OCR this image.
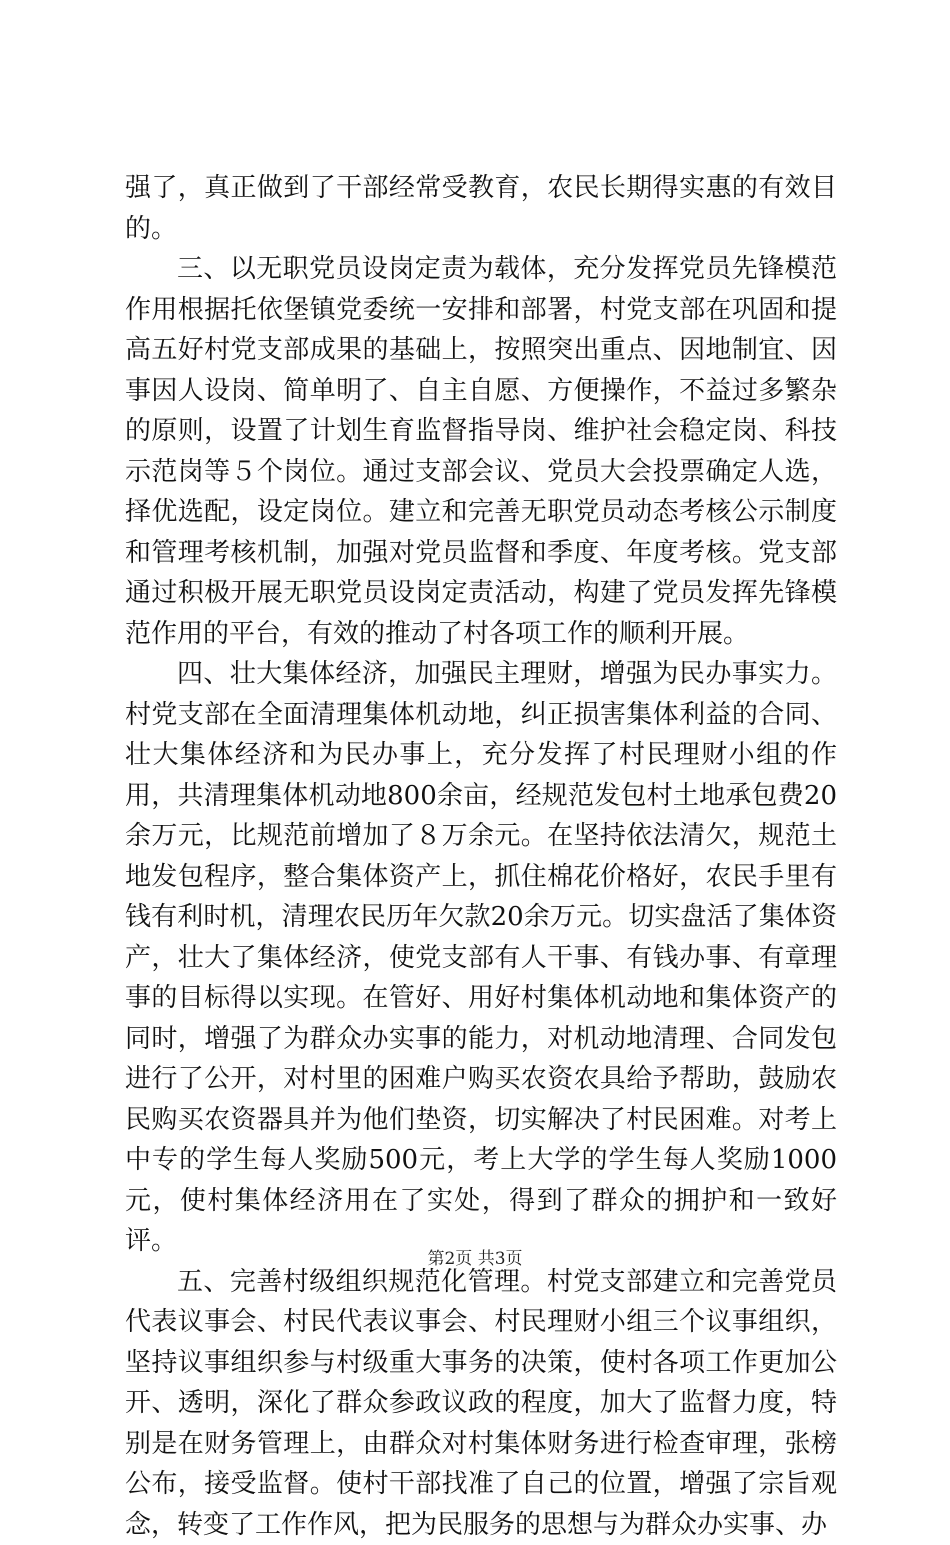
强了，真正做到了干部经常受教育，农民长期得实惠的有效目的。

三、以无职党员设岗定责为载体，充分发挥党员先锋模范作用根据托依堡镇党委统一安排和部署，村党支部在巩固和提高五好村党支部成果的基础上，按照突出重点、因地制宜、因事因人设岗、简单明了、自主自愿、方便操作，不益过多繁杂的原则，设置了计划生育监督指导岗、维护社会稳定岗、科技示范岗等５个岗位。通过支部会议、党员大会投票确定人选，择优选配，设定岗位。建立和完善无职党员动态考核公示制度和管理考核机制，加强对党员监督和季度、年度考核。党支部通过积极开展无职党员设岗定责活动，构建了党员发挥先锋模范作用的平台，有效的推动了村各项工作的顺利开展。

四、壮大集体经济，加强民主理财，增强为民办事实力。村党支部在全面清理集体机动地，纠正损害集体利益的合同、壮大集体经济和为民办事上，充分发挥了村民理财小组的作用，共清理集体机动地800余亩，经规范发包村土地承包费20余万元，比规范前增加了８万余元。在坚持依法清欠，规范土地发包程序，整合集体资产上，抓住棉花价格好，农民手里有钱有利时机，清理农民历年欠款20余万元。切实盘活了集体资产，壮大了集体经济，使党支部有人干事、有钱办事、有章理事的目标得以实现。在管好、用好村集体机动地和集体资产的同时，增强了为群众办实事的能力，对机动地清理、合同发包进行了公开，对村里的困难户购买农资农具给予帮助，鼓励农民购买农资器具并为他们垫资，切实解决了村民困难。对考上中专的学生每人奖励500元，考上大学的学生每人奖励1000元，使村集体经济用在了实处，得到了群众的拥护和一致好评。

五、完善村级组织规范化管理。村党支部建立和完善党员代表议事会、村民代表议事会、村民理财小组三个议事组织，坚持议事组织参与村级重大事务的决策，使村各项工作更加公开、透明，深化了群众参政议政的程度，加大了监督力度，特别是在财务管理上，由群众对村集体财务进行检查审理，张榜公布，接受监督。使村干部找准了自己的位置，增强了宗旨观念，转变了工作作风，把为民服务的思想与为群众办实事、办

第2页 共3页
